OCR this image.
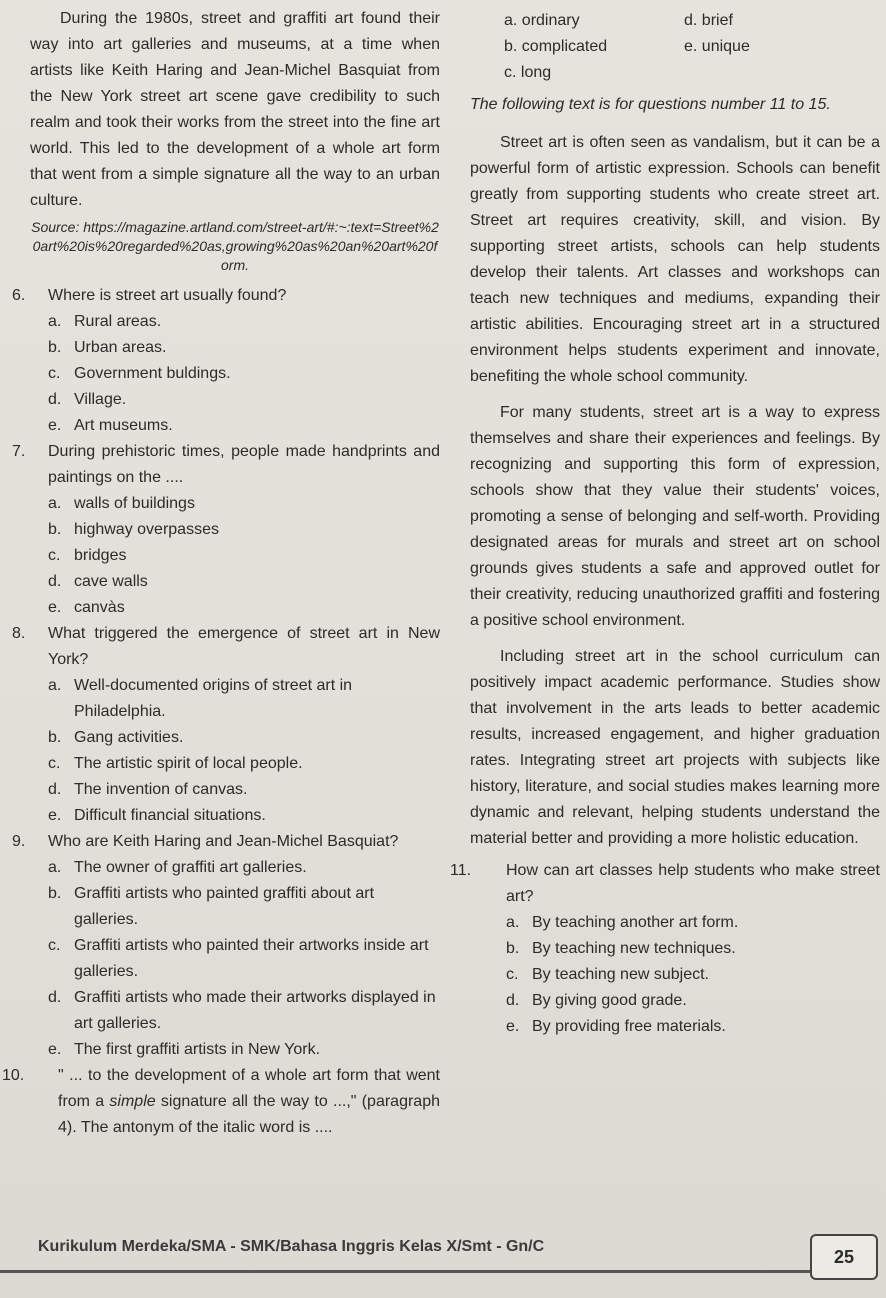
During the 1980s, street and graffiti art found their way into art galleries and museums, at a time when artists like Keith Haring and Jean-Michel Basquiat from the New York street art scene gave credibility to such realm and took their works from the street into the fine art world. This led to the development of a whole art form that went from a simple signature all the way to an urban culture.

Source: https://magazine.artland.com/street-art/#:~:text=Street%20art%20is%20regarded%20as,growing%20as%20an%20art%20form.

6. Where is street art usually found?

a. Rural areas.

b. Urban areas.

c. Government buldings.

d. Village.

e. Art museums.

7. During prehistoric times, people made handprints and paintings on the ....

a. walls of buildings

b. highway overpasses

c. bridges

d. cave walls

e. canvàs

8. What triggered the emergence of street art in New York?

a. Well-documented origins of street art in Philadelphia.

b. Gang activities.

c. The artistic spirit of local people.

d. The invention of canvas.

e. Difficult financial situations.

9. Who are Keith Haring and Jean-Michel Basquiat?

a. The owner of graffiti art galleries.

b. Graffiti artists who painted graffiti about art galleries.

c. Graffiti artists who painted their artworks inside art galleries.

d. Graffiti artists who made their artworks displayed in art galleries.

e. The first graffiti artists in New York.

10. " ... to the development of a whole art form that went from a simple signature all the way to ...," (paragraph 4). The antonym of the italic word is ....

a. ordinary	d. brief
b. complicated	e. unique
c. long

The following text is for questions number 11 to 15.

Street art is often seen as vandalism, but it can be a powerful form of artistic expression. Schools can benefit greatly from supporting students who create street art. Street art requires creativity, skill, and vision. By supporting street artists, schools can help students develop their talents. Art classes and workshops can teach new techniques and mediums, expanding their artistic abilities. Encouraging street art in a structured environment helps students experiment and innovate, benefiting the whole school community.

For many students, street art is a way to express themselves and share their experiences and feelings. By recognizing and supporting this form of expression, schools show that they value their students' voices, promoting a sense of belonging and self-worth. Providing designated areas for murals and street art on school grounds gives students a safe and approved outlet for their creativity, reducing unauthorized graffiti and fostering a positive school environment.

Including street art in the school curriculum can positively impact academic performance. Studies show that involvement in the arts leads to better academic results, increased engagement, and higher graduation rates. Integrating street art projects with subjects like history, literature, and social studies makes learning more dynamic and relevant, helping students understand the material better and providing a more holistic education.

11. How can art classes help students who make street art?

a. By teaching another art form.

b. By teaching new techniques.

c. By teaching new subject.

d. By giving good grade.

e. By providing free materials.

Kurikulum Merdeka/SMA - SMK/Bahasa Inggris Kelas X/Smt - Gn/C
25
